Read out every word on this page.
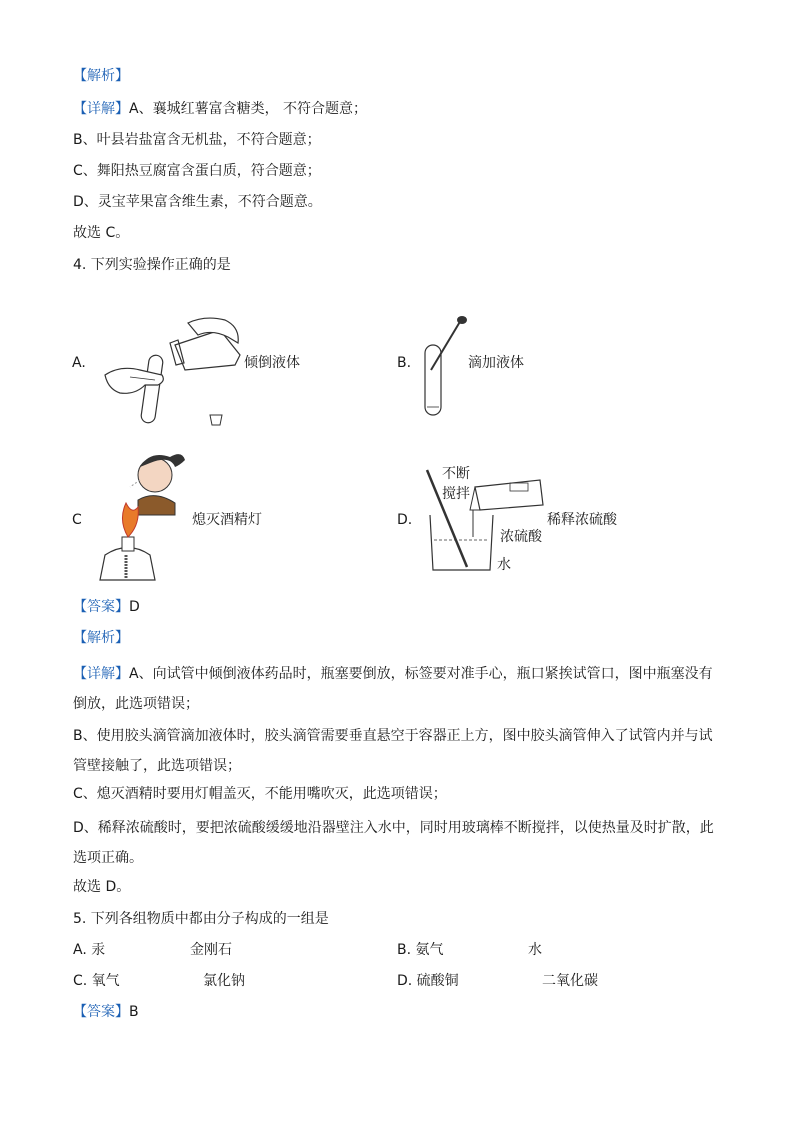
【解析】
【详解】A、襄城红薯富含糖类， 不符合题意；
B、叶县岩盐富含无机盐，不符合题意；
C、舞阳热豆腐富含蛋白质，符合题意；
D、灵宝苹果富含维生素，不符合题意。
故选 C。
4. 下列实验操作正确的是
A.	倾倒液体	B.	滴加液体
C	熄灭酒精灯	D.
不断
搅拌
稀释浓硫酸
浓硫酸
水
【答案】D
【解析】
【详解】A、向试管中倾倒液体药品时，瓶塞要倒放，标签要对准手心，瓶口紧挨试管口，图中瓶塞没有倒放，此选项错误；
B、使用胶头滴管滴加液体时，胶头滴管需要垂直悬空于容器正上方，图中胶头滴管伸入了试管内并与试管壁接触了，此选项错误；
C、熄灭酒精时要用灯帽盖灭，不能用嘴吹灭，此选项错误；
D、稀释浓硫酸时，要把浓硫酸缓缓地沿器壁注入水中，同时用玻璃棒不断搅拌，以使热量及时扩散，此选项正确。
故选 D。
5. 下列各组物质中都由分子构成的一组是
A. 汞	金刚石	B. 氨气	水
C. 氧气	氯化钠	D. 硫酸铜	二氧化碳
【答案】B
